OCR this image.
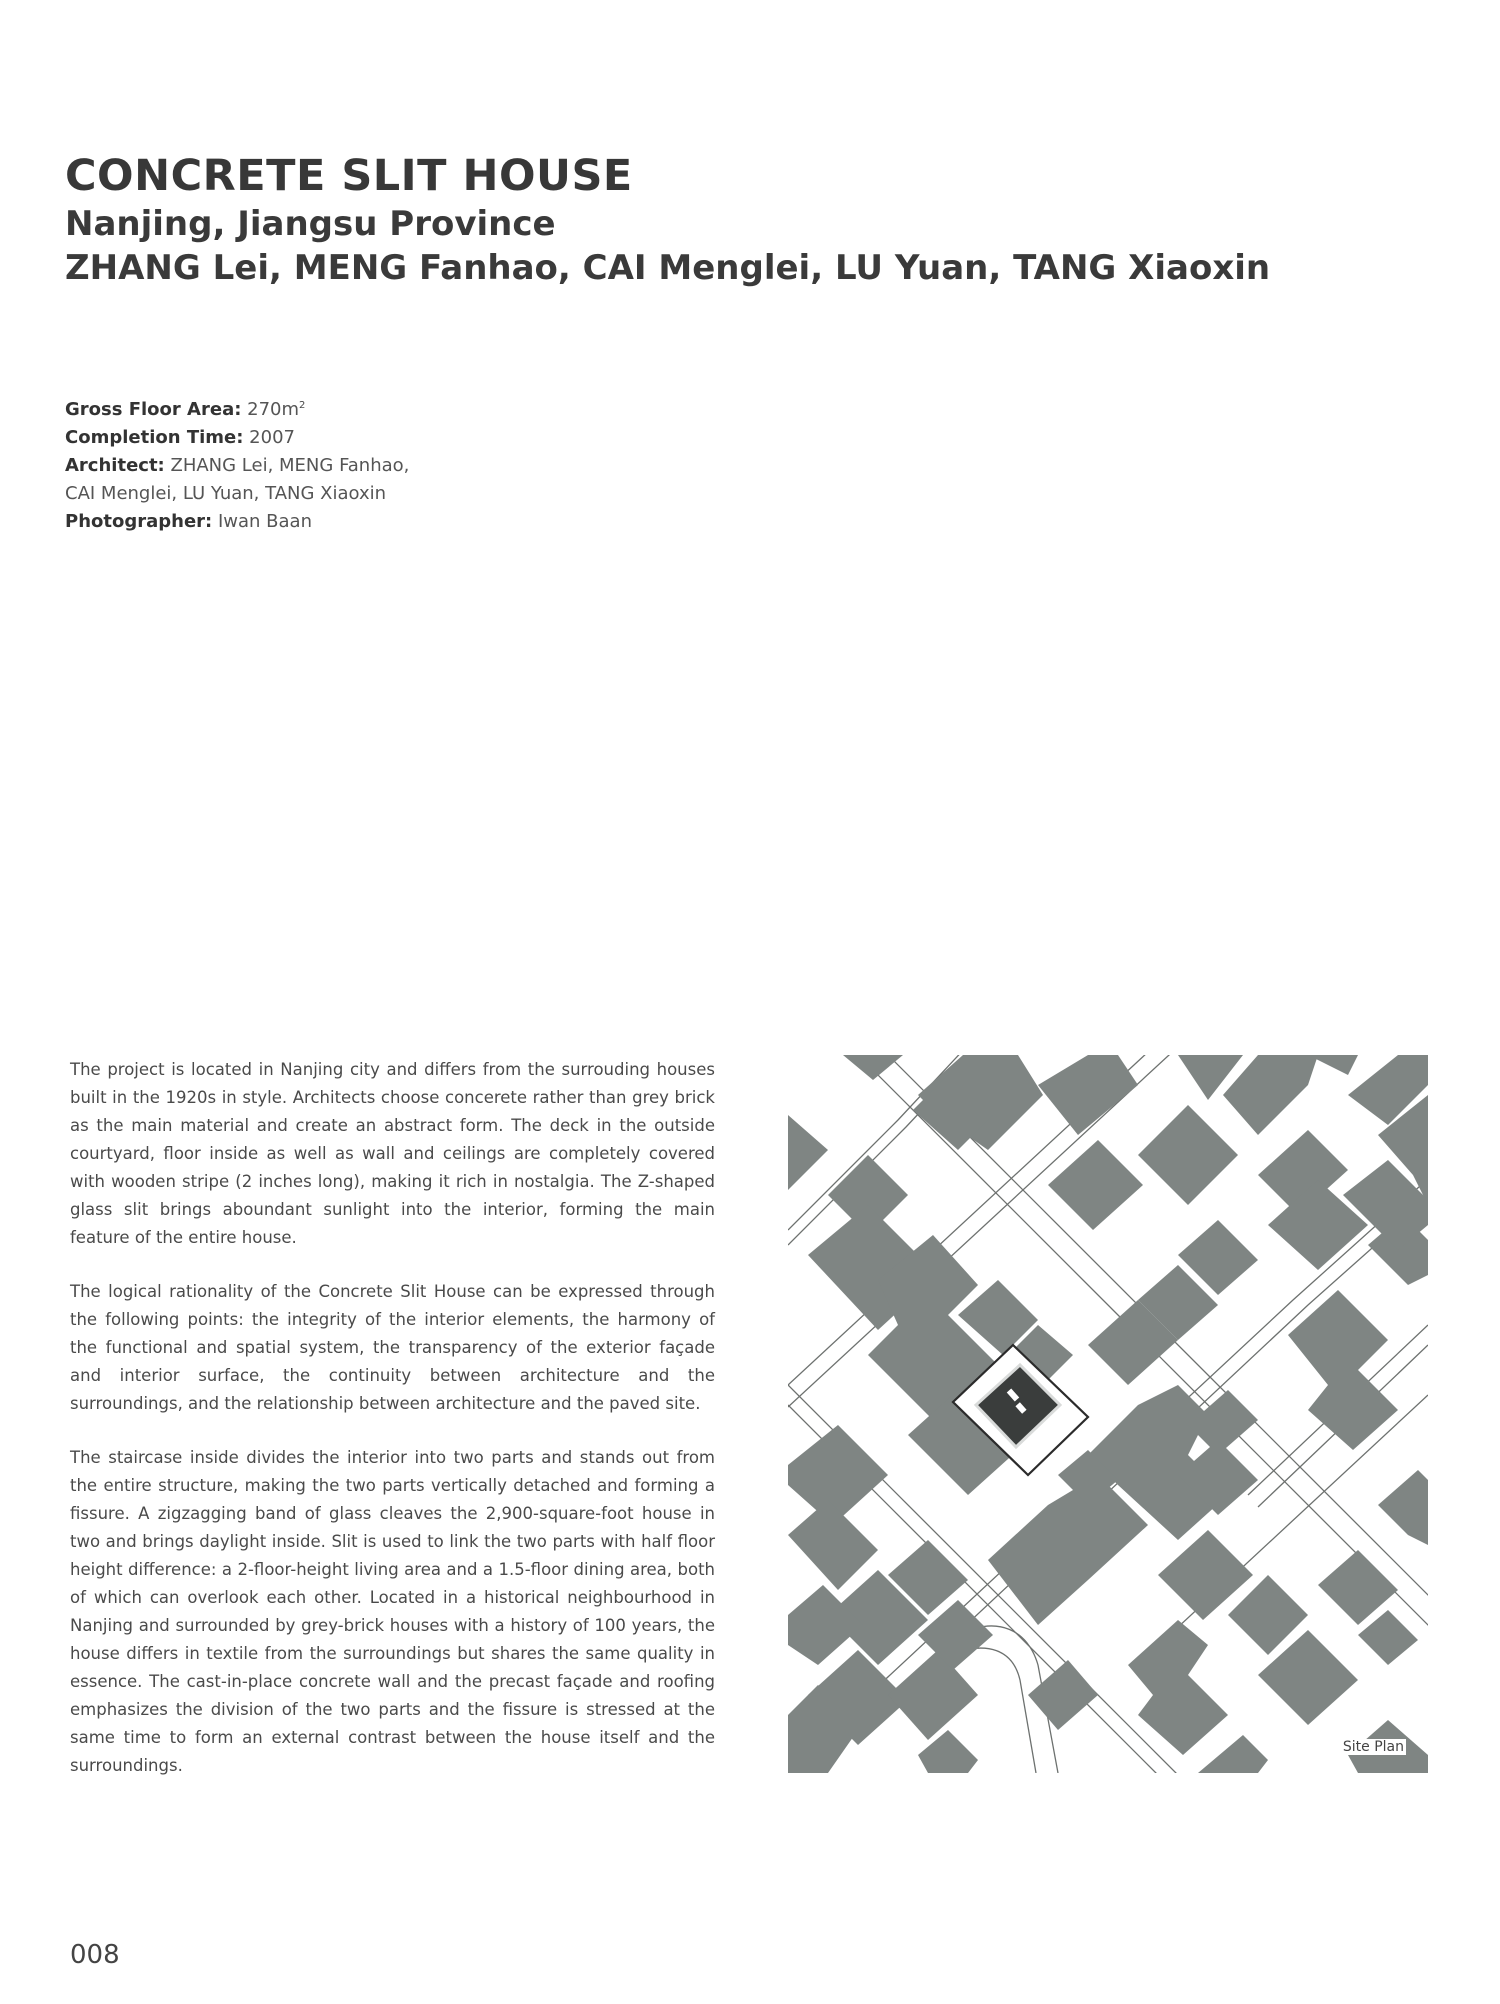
CONCRETE SLIT HOUSE
Nanjing, Jiangsu Province
ZHANG Lei, MENG Fanhao, CAI Menglei, LU Yuan, TANG Xiaoxin
Gross Floor Area: $270m^2$
Completion Time: 2007
Architect: ZHANG Lei, MENG Fanhao,
CAI Menglei, LU Yuan, TANG Xiaoxin
Photographer: Iwan Baan

The project is located in Nanjing city and differs from the surrouding houses built in the 1920s in style. Architects choose concerete rather than grey brick as the main material and create an abstract form. The deck in the outside courtyard, floor inside as well as wall and ceilings are completely covered with wooden stripe (2 inches long), making it rich in nostalgia. The Z-shaped glass slit brings aboundant sunlight into the interior, forming the main feature of the entire house.

The logical rationality of the Concrete Slit House can be expressed through the following points: the integrity of the interior elements, the harmony of the functional and spatial system, the transparency of the exterior façade and interior surface, the continuity between architecture and the surroundings, and the relationship between architecture and the paved site.

The staircase inside divides the interior into two parts and stands out from the entire structure, making the two parts vertically detached and forming a fissure. A zigzagging band of glass cleaves the 2,900-square-foot house in two and brings daylight inside. Slit is used to link the two parts with half floor height difference: a 2-floor-height living area and a 1.5-floor dining area, both of which can overlook each other. Located in a historical neighbourhood in Nanjing and surrounded by grey-brick houses with a history of 100 years, the house differs in textile from the surroundings but shares the same quality in essence. The cast-in-place concrete wall and the precast façade and roofing emphasizes the division of the two parts and the fissure is stressed at the same time to form an external contrast between the house itself and the surroundings.

Site Plan
008
